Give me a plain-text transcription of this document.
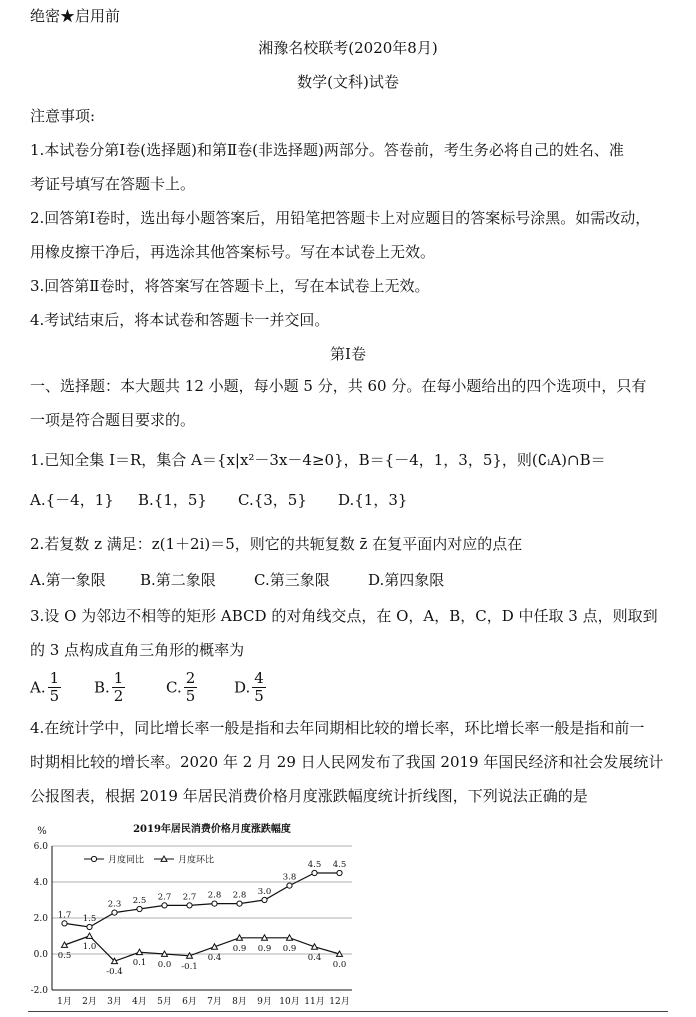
绝密★启用前
湘豫名校联考(2020年8月)
数学(文科)试卷
注意事项:
1.本试卷分第Ⅰ卷(选择题)和第Ⅱ卷(非选择题)两部分。答卷前，考生务必将自己的姓名、准
考证号填写在答题卡上。
2.回答第Ⅰ卷时，选出每小题答案后，用铅笔把答题卡上对应题目的答案标号涂黑。如需改动，
用橡皮擦干净后，再选涂其他答案标号。写在本试卷上无效。
3.回答第Ⅱ卷时，将答案写在答题卡上，写在本试卷上无效。
4.考试结束后，将本试卷和答题卡一并交回。
第Ⅰ卷
一、选择题：本大题共 12 小题，每小题 5 分，共 60 分。在每小题给出的四个选项中，只有
一项是符合题目要求的。
1.已知全集 I＝R，集合 A＝{x|x²－3x－4≥0}，B＝{－4，1，3，5}，则(∁ᵢA)∩B＝
A.{－4，1} B.{1，5} C.{3，5} D.{1，3}
2.若复数 z 满足：z(1＋2i)＝5，则它的共轭复数 z̄ 在复平面内对应的点在
A.第一象限 B.第二象限	C.第三象限	D.第四象限
3.设 O 为邻边不相等的矩形 ABCD 的对角线交点，在 O，A，B，C，D 中任取 3 点，则取到
的 3 点构成直角三角形的概率为
A. $\frac{1}{5} B$. $\frac{1}{2}$	C. $\frac{2}{5} D$. $\frac{4}{5}$
4.在统计学中，同比增长率一般是指和去年同期相比较的增长率，环比增长率一般是指和前一
时期相比较的增长率。2020 年 2 月 29 日人民网发布了我国 2019 年国民经济和社会发展统计
公报图表，根据 2019 年居民消费价格月度涨跌幅度统计折线图，下列说法正确的是
2019年居民消费价格月度涨跌幅度
%
-2.0
0.0
2.0
4.0
6.0
1月 2月 3月 4月 5月 6月 7月 8月 9月 10月 11月 12月
1.7 1.5
2.3 2.5 2.7 2.7 2.8 2.8 3.0
3.8
4.5 4.5
0.5
1.0
-0.4
0.1 0.0 -0.1
0.4
0.9 0.9 0.9
0.4
0.0
月度同比	月度环比
